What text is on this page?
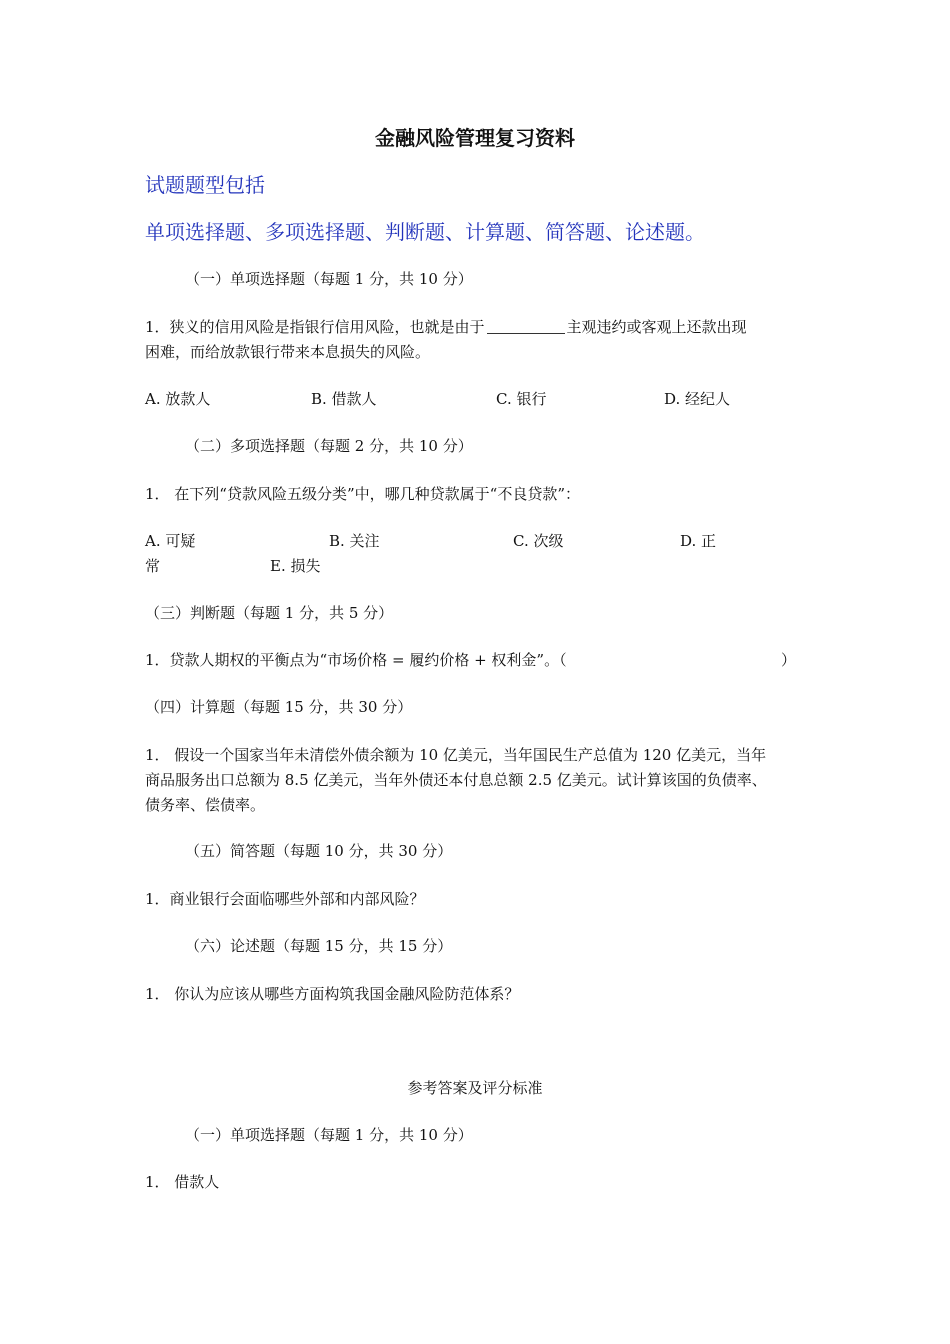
金融风险管理复习资料
试题题型包括
单项选择题、多项选择题、判断题、计算题、简答题、论述题。
（一）单项选择题（每题 1 分，共 10 分）
1．狭义的信用风险是指银行信用风险，也就是由于	主观违约或客观上还款出现
困难，而给放款银行带来本息损失的风险。
A. 放款人	B. 借款人	C. 银行	D. 经纪人
（二）多项选择题（每题 2 分，共 10 分）
1． 在下列“贷款风险五级分类”中，哪几种贷款属于“不良贷款”：
A. 可疑	B. 关注	C. 次级	D. 正
常	E. 损失
（三）判断题（每题 1 分，共 5 分）
1．贷款人期权的平衡点为“市场价格 = 履约价格 + 权利金”。（	）
（四）计算题（每题 15 分，共 30 分）
1． 假设一个国家当年未清偿外债余额为 10 亿美元，当年国民生产总值为 120 亿美元，当年
商品服务出口总额为 8.5 亿美元，当年外债还本付息总额 2.5 亿美元。试计算该国的负债率、
债务率、偿债率。
（五）简答题（每题 10 分，共 30 分）
1．商业银行会面临哪些外部和内部风险？
（六）论述题（每题 15 分，共 15 分）
1． 你认为应该从哪些方面构筑我国金融风险防范体系？
参考答案及评分标准
（一）单项选择题（每题 1 分，共 10 分）
1． 借款人
